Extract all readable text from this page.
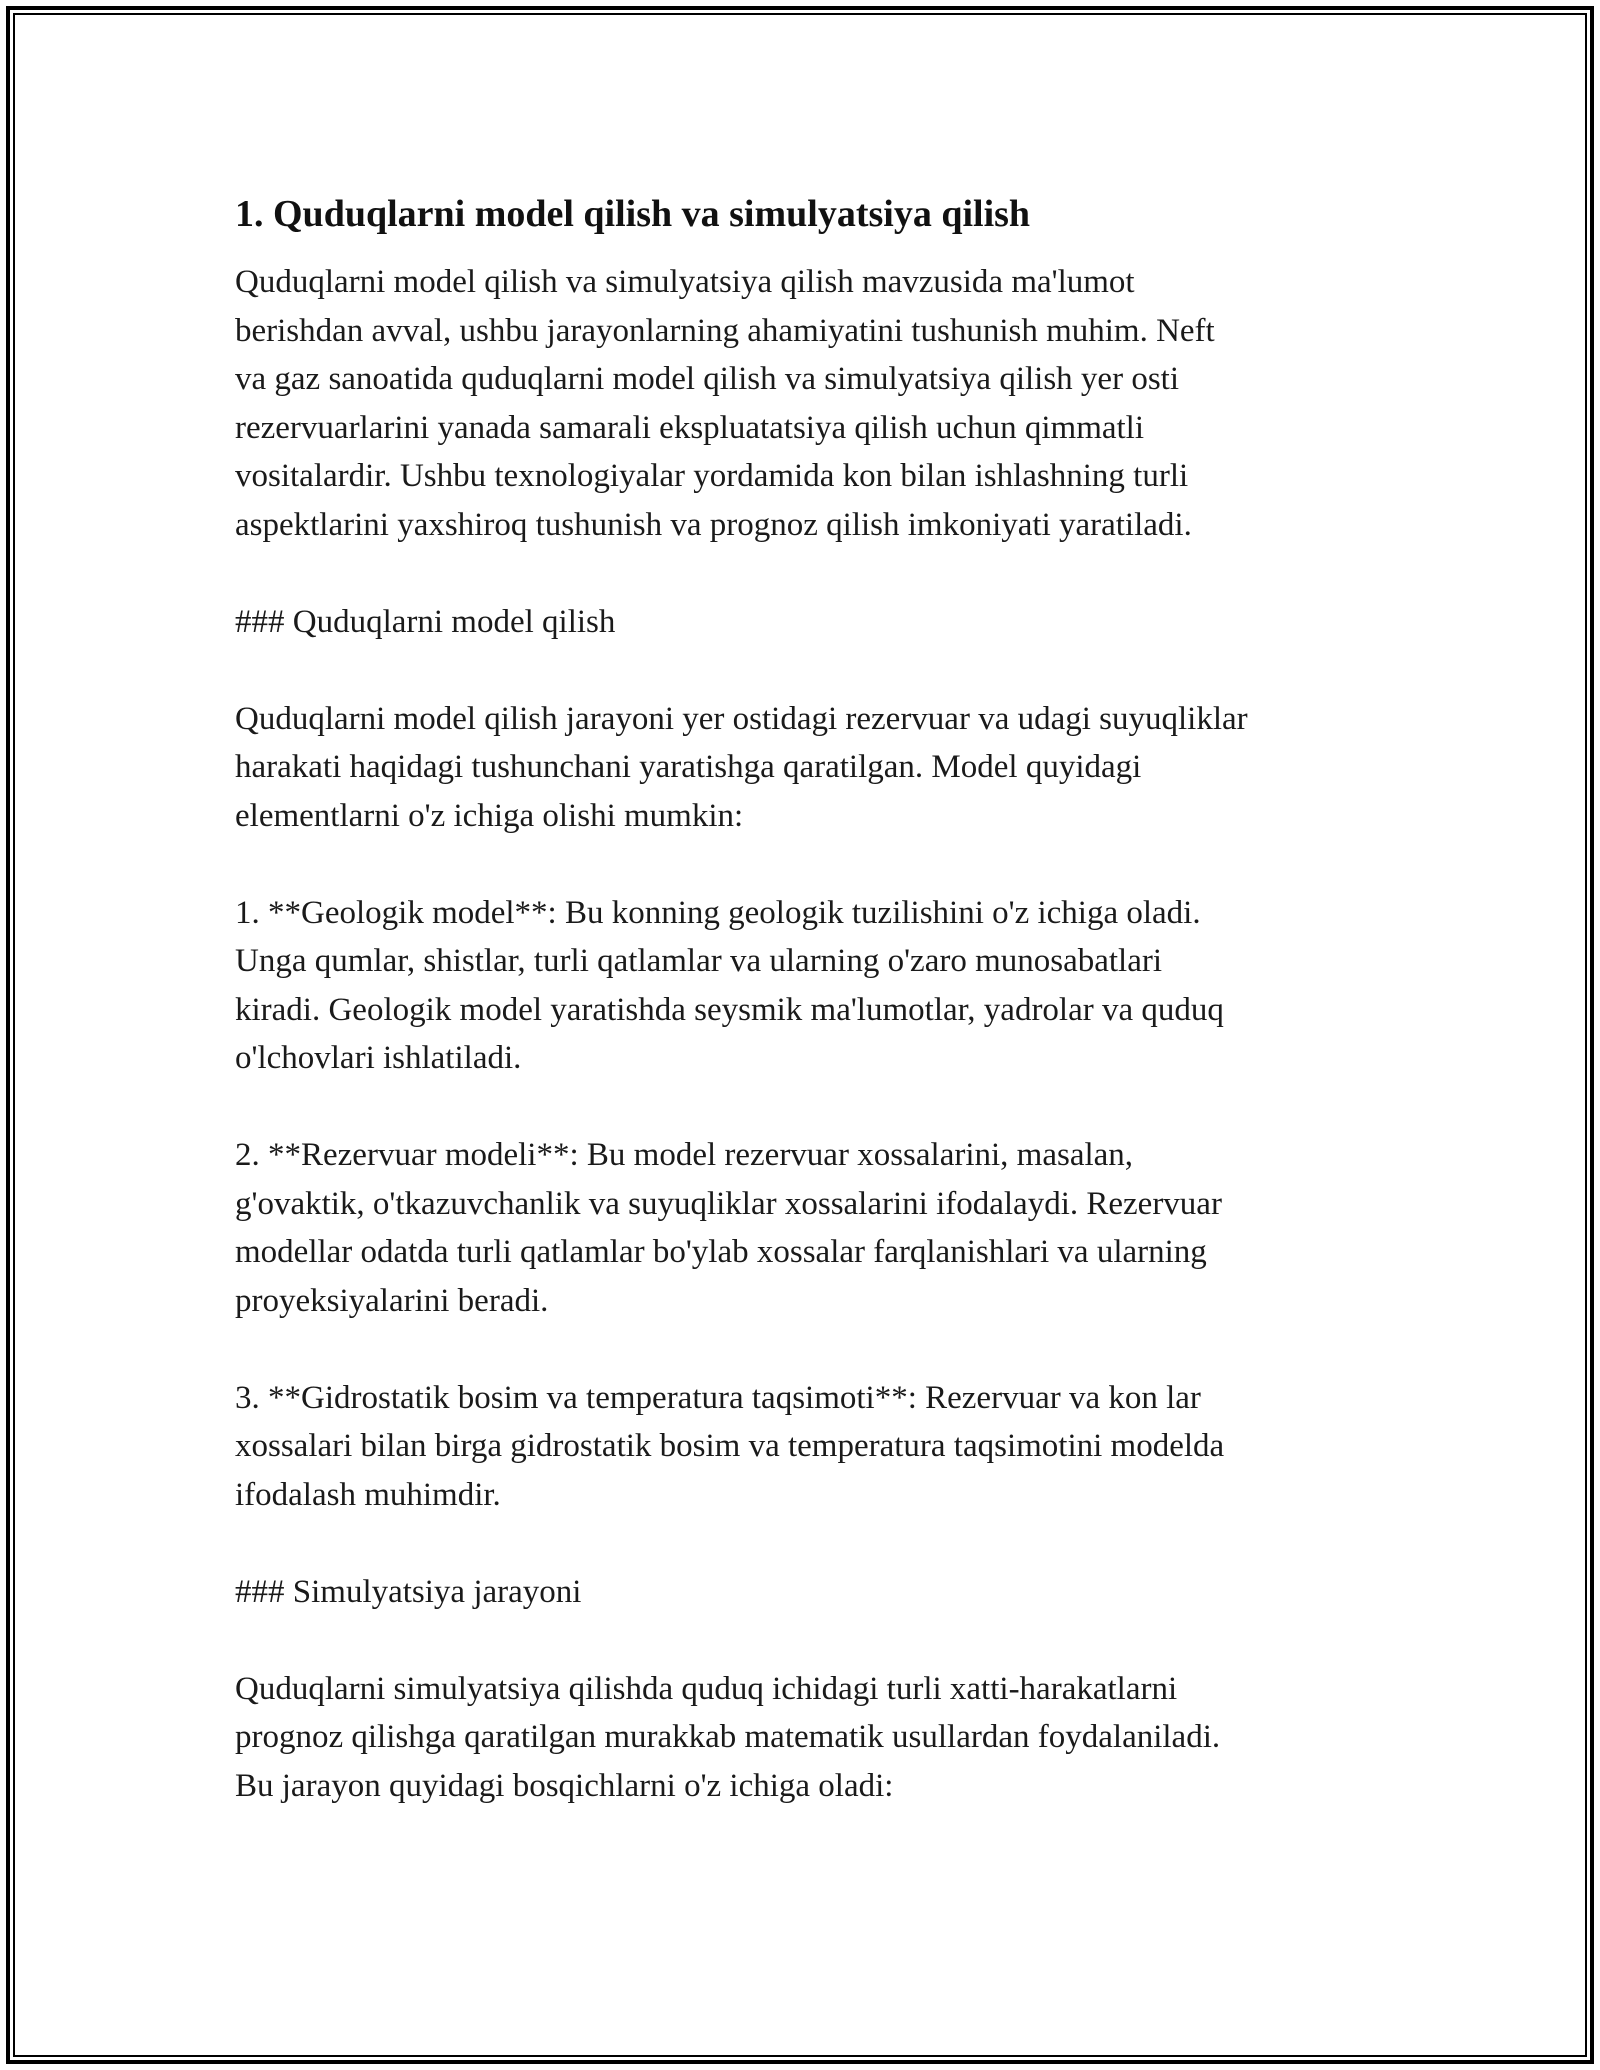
1. Quduqlarni model qilish va simulyatsiya qilish

Quduqlarni model qilish va simulyatsiya qilish mavzusida ma'lumot
berishdan avval, ushbu jarayonlarning ahamiyatini tushunish muhim. Neft
va gaz sanoatida quduqlarni model qilish va simulyatsiya qilish yer osti
rezervuarlarini yanada samarali ekspluatatsiya qilish uchun qimmatli
vositalardir. Ushbu texnologiyalar yordamida kon bilan ishlashning turli
aspektlarini yaxshiroq tushunish va prognoz qilish imkoniyati yaratiladi.

### Quduqlarni model qilish

Quduqlarni model qilish jarayoni yer ostidagi rezervuar va udagi suyuqliklar
harakati haqidagi tushunchani yaratishga qaratilgan. Model quyidagi
elementlarni o'z ichiga olishi mumkin:

1. **Geologik model**: Bu konning geologik tuzilishini o'z ichiga oladi.
Unga qumlar, shistlar, turli qatlamlar va ularning o'zaro munosabatlari
kiradi. Geologik model yaratishda seysmik ma'lumotlar, yadrolar va quduq
o'lchovlari ishlatiladi.

2. **Rezervuar modeli**: Bu model rezervuar xossalarini, masalan,
g'ovaktik, o'tkazuvchanlik va suyuqliklar xossalarini ifodalaydi. Rezervuar
modellar odatda turli qatlamlar bo'ylab xossalar farqlanishlari va ularning
proyeksiyalarini beradi.

3. **Gidrostatik bosim va temperatura taqsimoti**: Rezervuar va kon lar
xossalari bilan birga gidrostatik bosim va temperatura taqsimotini modelda
ifodalash muhimdir.

### Simulyatsiya jarayoni

Quduqlarni simulyatsiya qilishda quduq ichidagi turli xatti-harakatlarni
prognoz qilishga qaratilgan murakkab matematik usullardan foydalaniladi.
Bu jarayon quyidagi bosqichlarni o'z ichiga oladi:
